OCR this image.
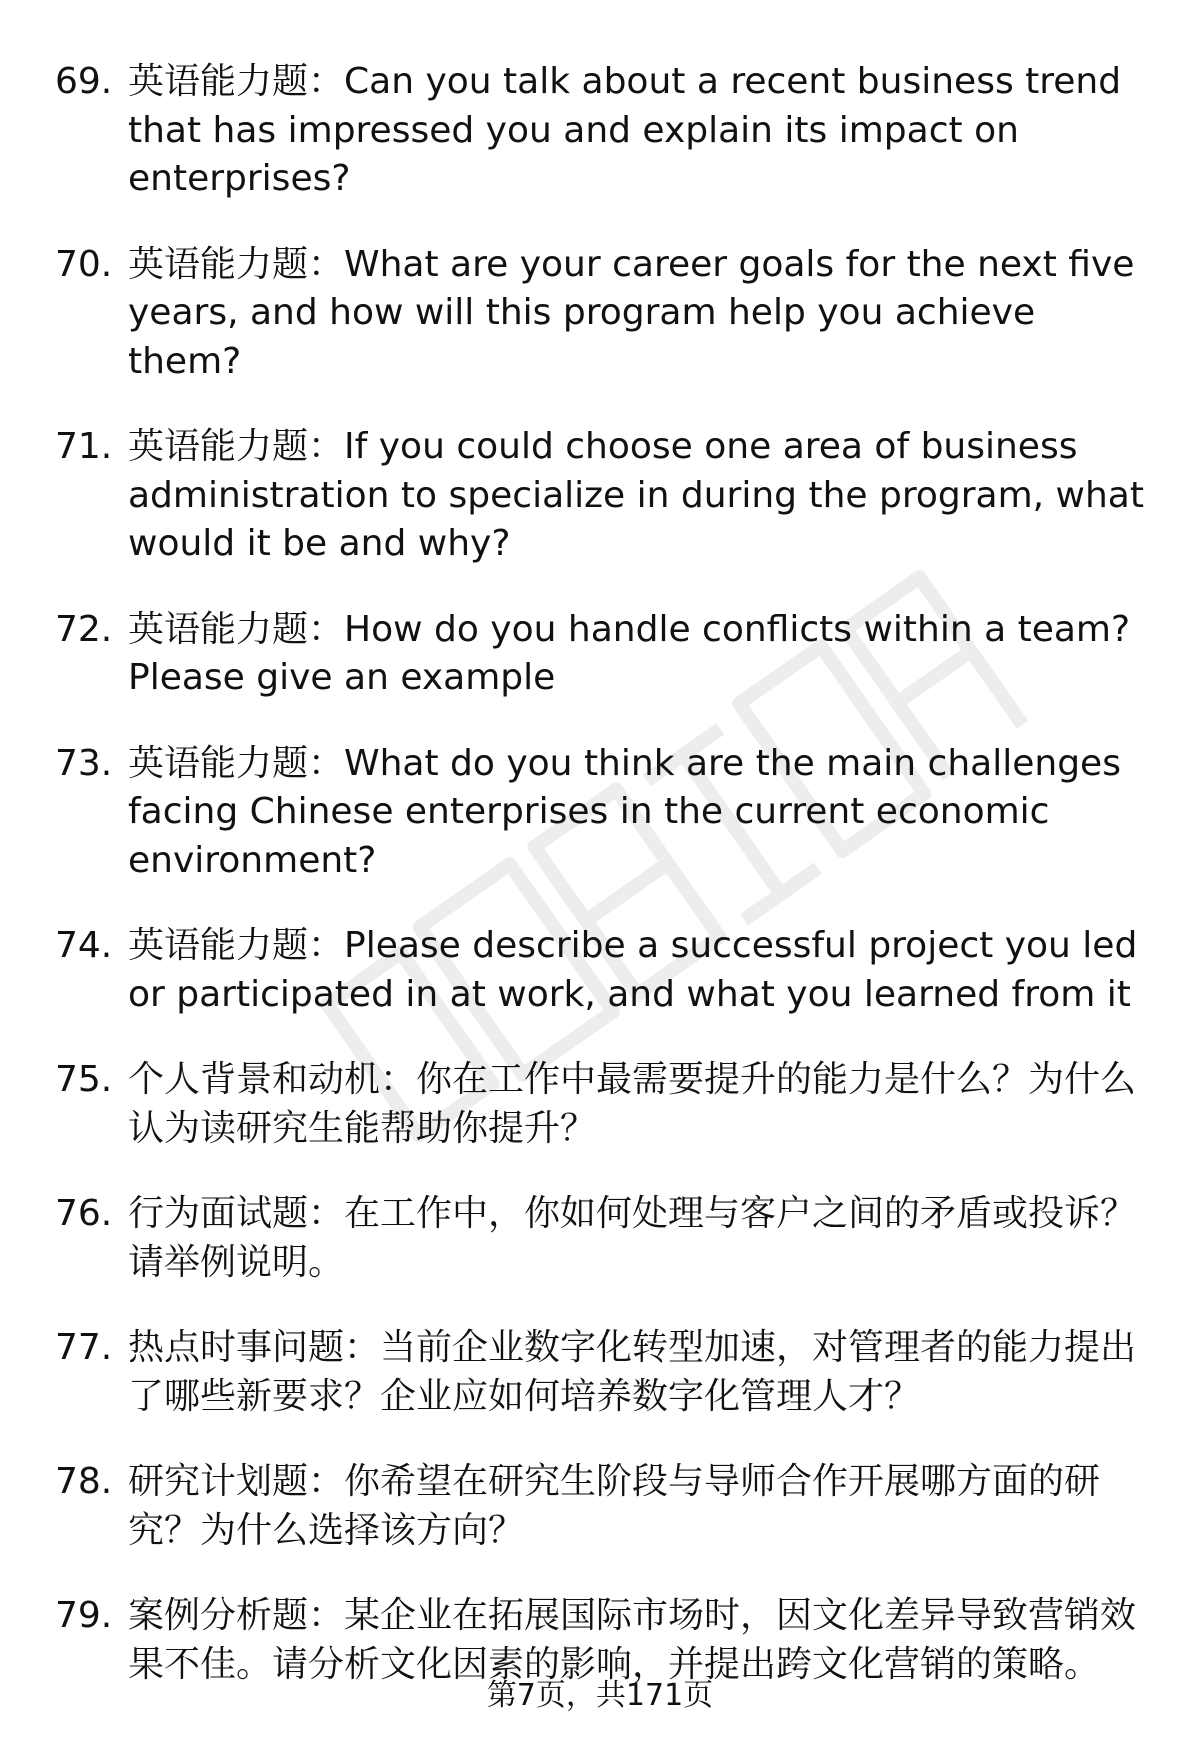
69. 英语能力题：Can you talk about a recent business trend that has impressed you and explain its impact on enterprises?
70. 英语能力题：What are your career goals for the next five years, and how will this program help you achieve them?
71. 英语能力题：If you could choose one area of business administration to specialize in during the program, what would it be and why?
72. 英语能力题：How do you handle conflicts within a team? Please give an example
73. 英语能力题：What do you think are the main challenges facing Chinese enterprises in the current economic environment?
74. 英语能力题：Please describe a successful project you led or participated in at work, and what you learned from it
75. 个人背景和动机：你在工作中最需要提升的能力是什么？为什么认为读研究生能帮助你提升？
76. 行为面试题：在工作中，你如何处理与客户之间的矛盾或投诉？请举例说明。
77. 热点时事问题：当前企业数字化转型加速，对管理者的能力提出了哪些新要求？企业应如何培养数字化管理人才？
78. 研究计划题：你希望在研究生阶段与导师合作开展哪方面的研究？为什么选择该方向？
79. 案例分析题：某企业在拓展国际市场时，因文化差异导致营销效果不佳。请分析文化因素的影响，并提出跨文化营销的策略。
第7页，共171页
